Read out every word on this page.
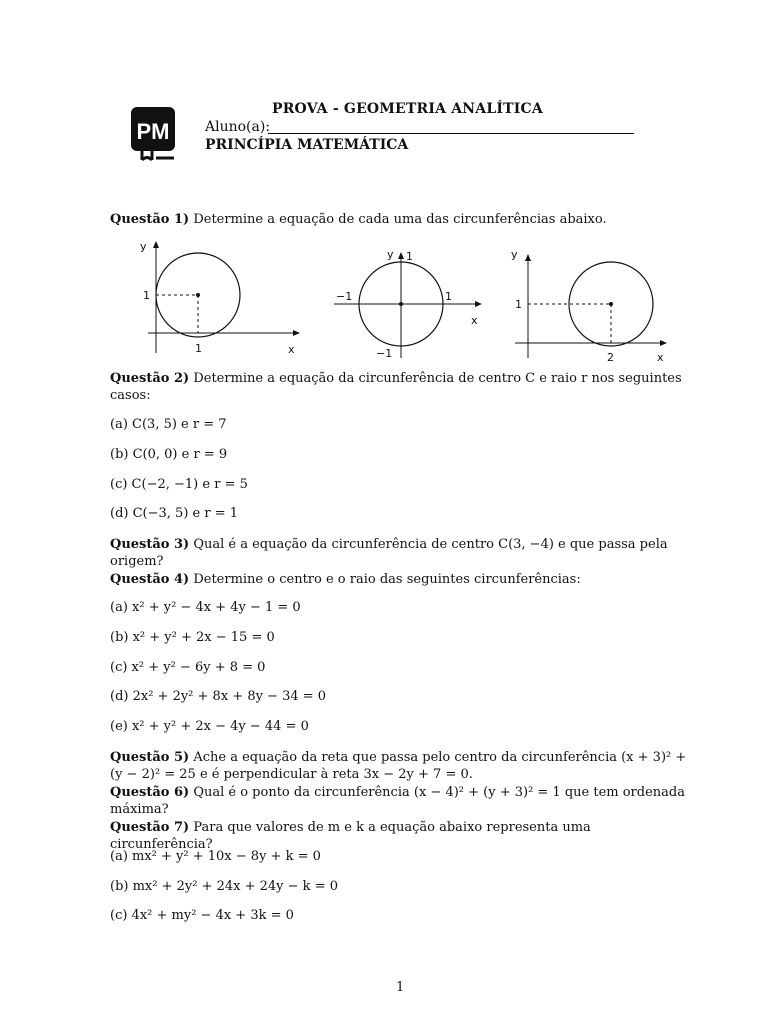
PM
PROVA - GEOMETRIA ANALÍTICA
Aluno(a):
PRINCÍPIA MATEMÁTICA
Questão 1) Determine a equação de cada uma das circunferências abaixo.
y
x
1
1
y 1
x
−1	1
−1
y
x
1
2
Questão 2) Determine a equação da circunferência de centro C e raio r nos seguintes casos:
(a) C(3, 5) e r = 7
(b) C(0, 0) e r = 9
(c) C(−2, −1) e r = 5
(d) C(−3, 5) e r = 1
Questão 3) Qual é a equação da circunferência de centro C(3, −4) e que passa pela origem?
Questão 4) Determine o centro e o raio das seguintes circunferências:
(a) x² + y² − 4x + 4y − 1 = 0
(b) x² + y² + 2x − 15 = 0
(c) x² + y² − 6y + 8 = 0
(d) 2x² + 2y² + 8x + 8y − 34 = 0
(e) x² + y² + 2x − 4y − 44 = 0
Questão 5) Ache a equação da reta que passa pelo centro da circunferência (x + 3)² + (y − 2)² = 25 e é perpendicular à reta 3x − 2y + 7 = 0.
Questão 6) Qual é o ponto da circunferência (x − 4)² + (y + 3)² = 1 que tem ordenada máxima?
Questão 7) Para que valores de m e k a equação abaixo representa uma circunferência?
(a) mx² + y² + 10x − 8y + k = 0
(b) mx² + 2y² + 24x + 24y − k = 0
(c) 4x² + my² − 4x + 3k = 0
1
